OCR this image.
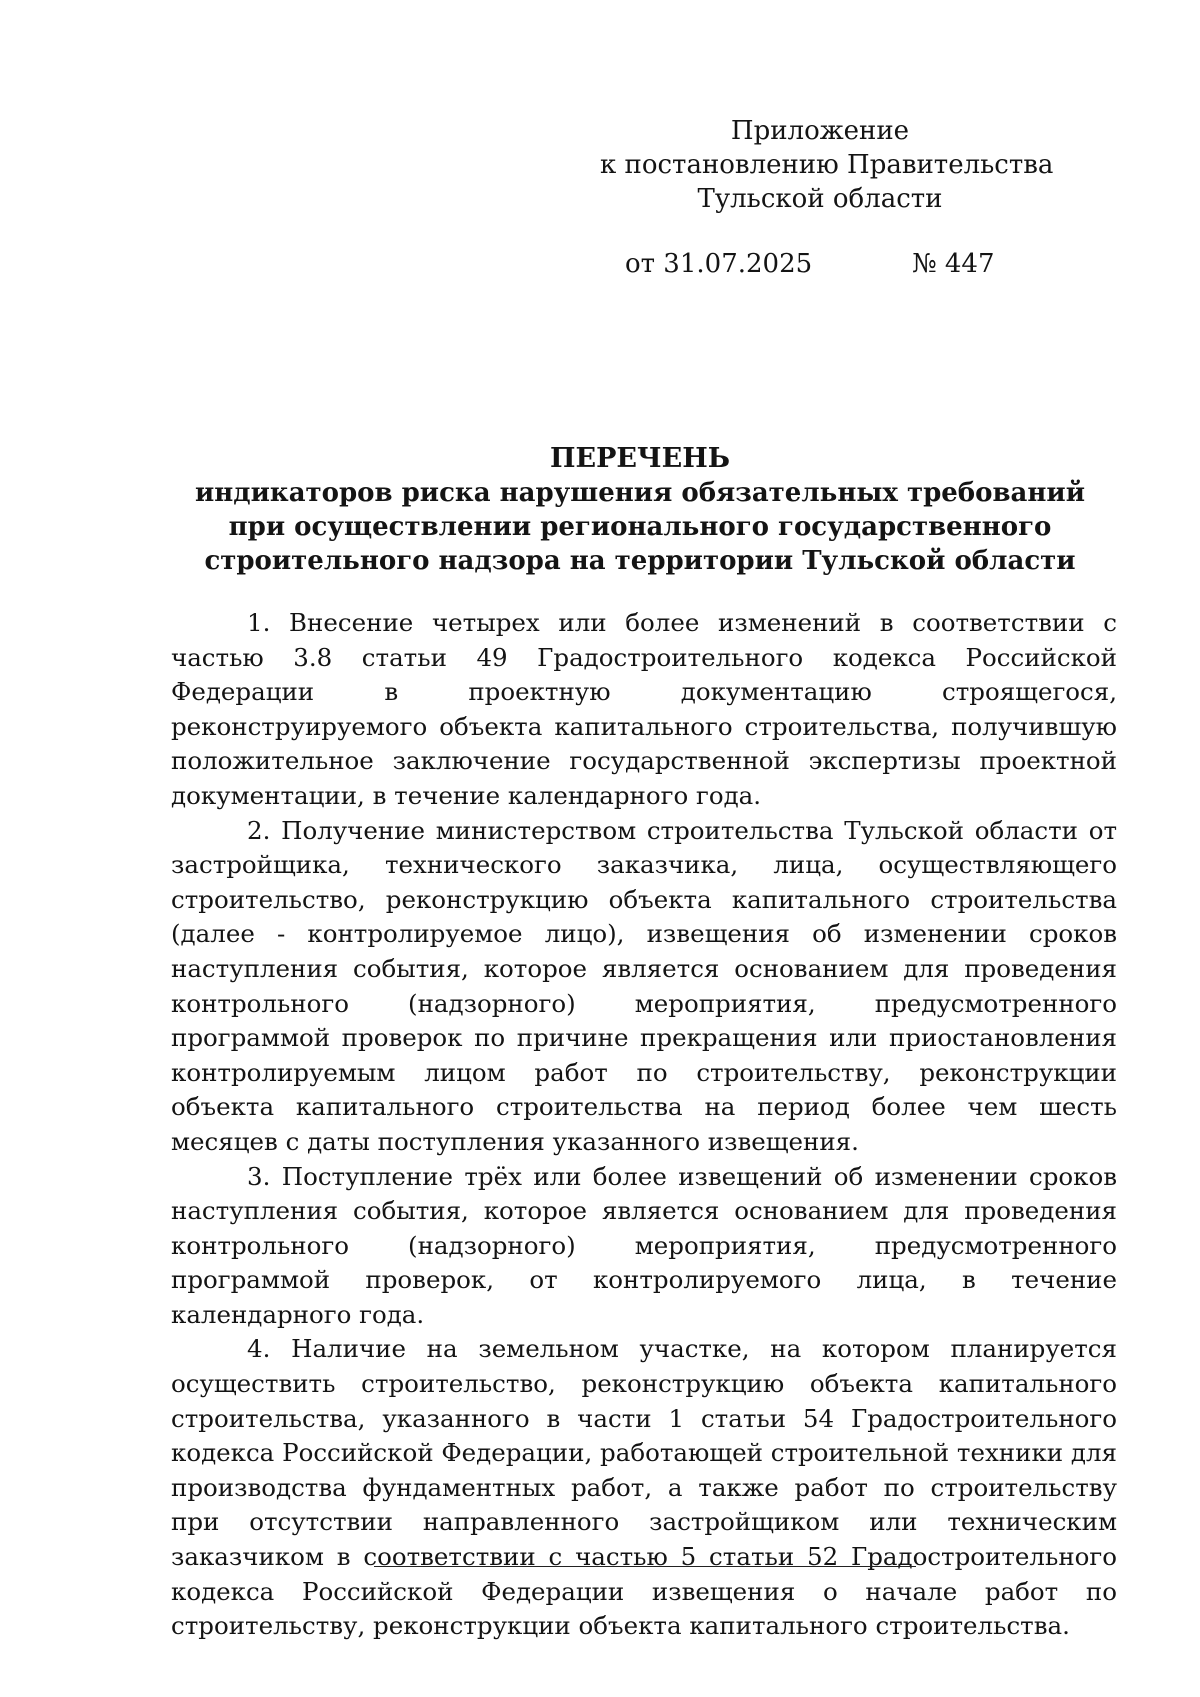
Приложение
к постановлению Правительства
Тульской области
от 31.07.2025	№ 447
ПЕРЕЧЕНЬ
индикаторов риска нарушения обязательных требований
при осуществлении регионального государственного
строительного надзора на территории Тульской области

1. Внесение четырех или более изменений в соответствии с частью 3.8 статьи 49 Градостроительного кодекса Российской Федерации в проектную документацию строящегося, реконструируемого объекта капитального строительства, получившую положительное заключение государственной экспертизы проектной документации, в течение календарного года.

2. Получение министерством строительства Тульской области от застройщика, технического заказчика, лица, осуществляющего строительство, реконструкцию объекта капитального строительства (далее - контролируемое лицо), извещения об изменении сроков наступления события, которое является основанием для проведения контрольного (надзорного) мероприятия, предусмотренного программой проверок по причине прекращения или приостановления контролируемым лицом работ по строительству, реконструкции объекта капитального строительства на период более чем шесть месяцев с даты поступления указанного извещения.

3. Поступление трёх или более извещений об изменении сроков наступления события, которое является основанием для проведения контрольного (надзорного) мероприятия, предусмотренного программой проверок, от контролируемого лица, в течение календарного года.

4. Наличие на земельном участке, на котором планируется осуществить строительство, реконструкцию объекта капитального строительства, указанного в части 1 статьи 54 Градостроительного кодекса Российской Федерации, работающей строительной техники для производства фундаментных работ, а также работ по строительству при отсутствии направленного застройщиком или техническим заказчиком в соответствии с частью 5 статьи 52 Градостроительного кодекса Российской Федерации извещения о начале работ по строительству, реконструкции объекта капитального строительства.
